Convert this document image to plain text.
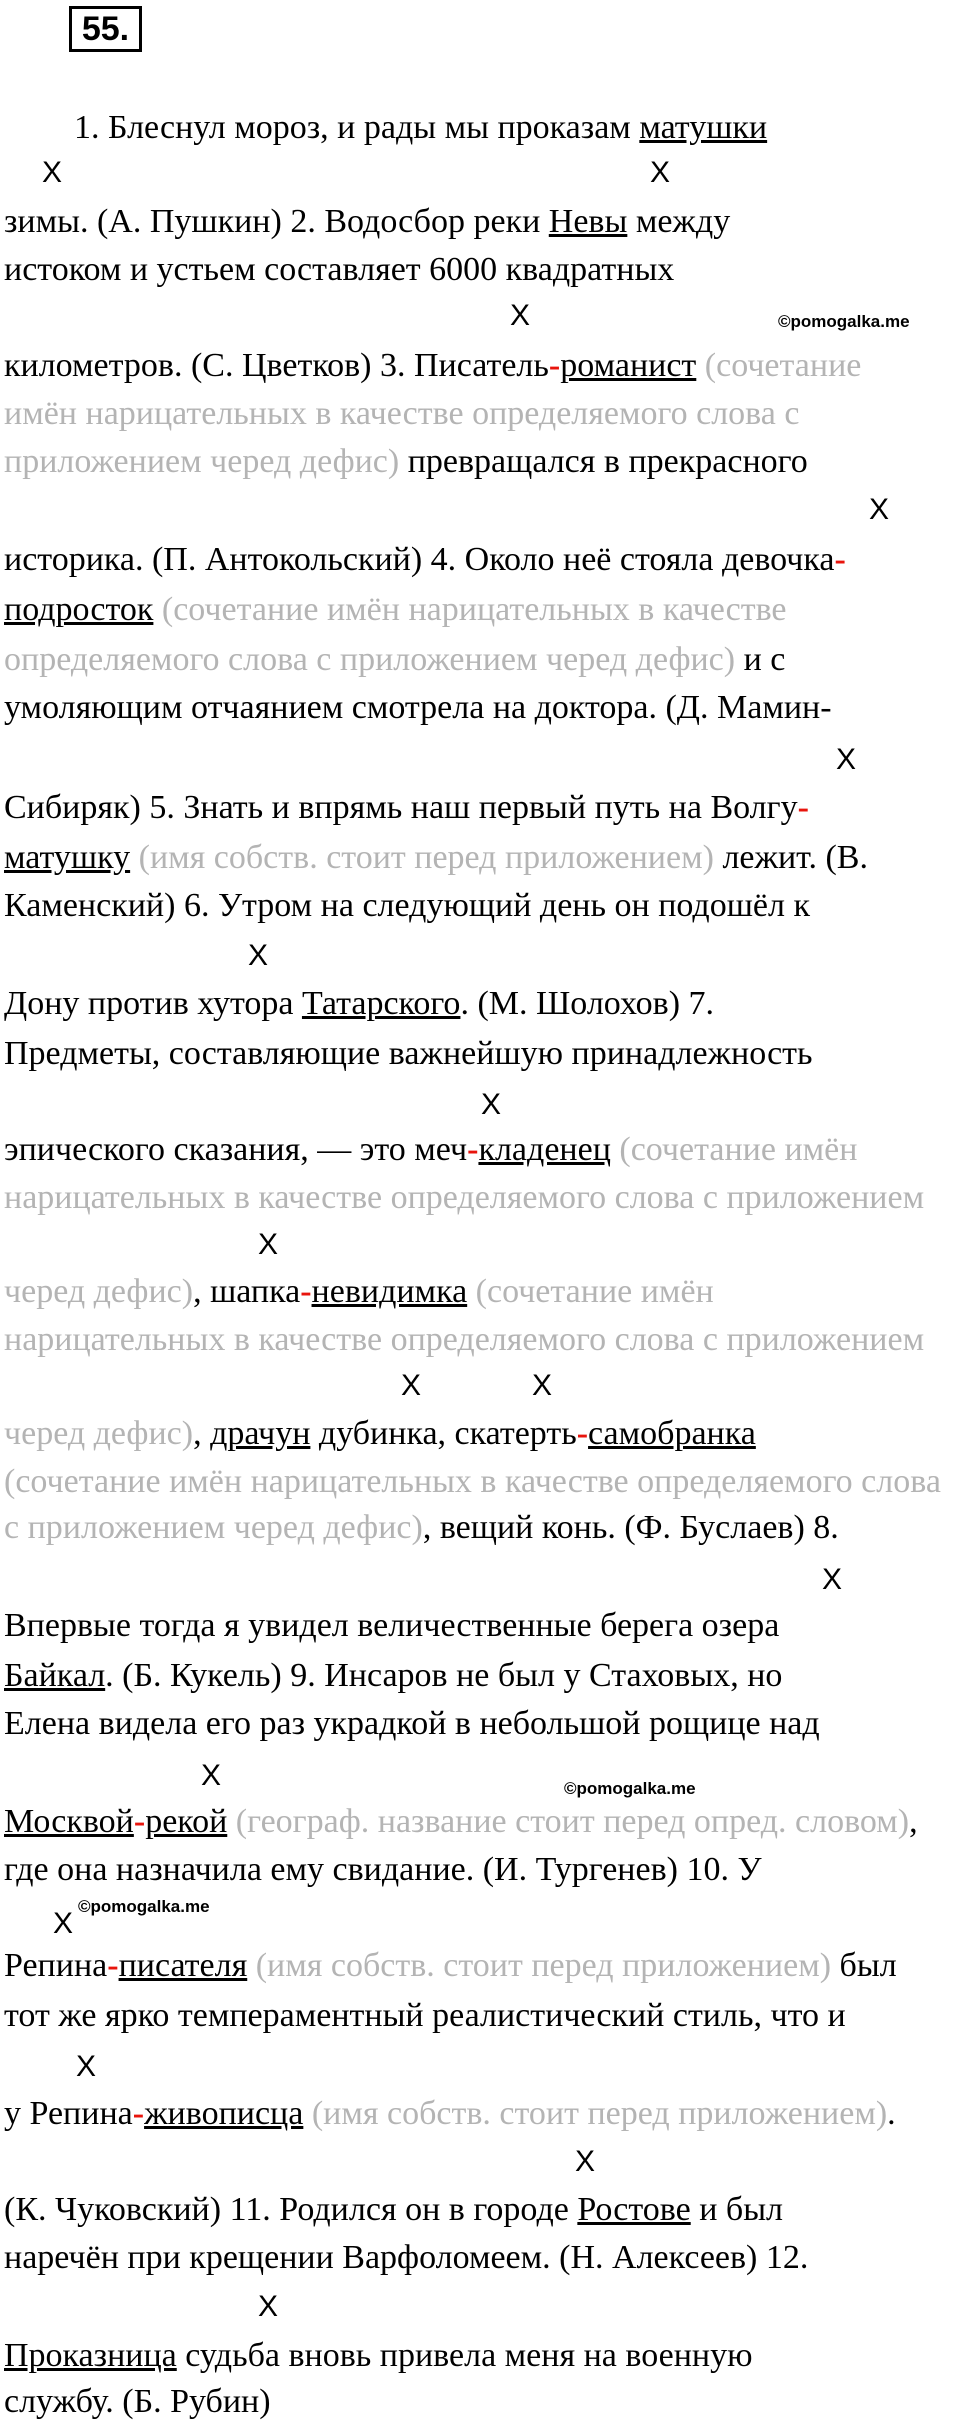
55.
X	X
X
X
X
X
X
X
X	X
X
X
X
X
X
X
©pomogalka.me
©pomogalka.me
©pomogalka.me
1. Блеснул мороз, и рады мы проказам матушки
зимы. (А. Пушкин) 2. Водосбор реки Невы между
истоком и устьем составляет 6000 квадратных
километров. (С. Цветков) 3. Писатель-романист (сочетание
имён нарицательных в качестве определяемого слова с
приложением черед дефис) превращался в прекрасного
историка. (П. Антокольский) 4. Около неё стояла девочка-
подросток (сочетание имён нарицательных в качестве
определяемого слова с приложением черед дефис) и с
умоляющим отчаянием смотрела на доктора. (Д. Мамин-
Сибиряк) 5. Знать и впрямь наш первый путь на Волгу-
матушку (имя собств. стоит перед приложением) лежит. (В.
Каменский) 6. Утром на следующий день он подошёл к
Дону против хутора Татарского. (М. Шолохов) 7.
Предметы, составляющие важнейшую принадлежность
эпического сказания, — это меч-кладенец (сочетание имён
нарицательных в качестве определяемого слова с приложением
черед дефис), шапка-невидимка (сочетание имён
нарицательных в качестве определяемого слова с приложением
черед дефис), драчун дубинка, скатерть-самобранка
(сочетание имён нарицательных в качестве определяемого слова
с приложением черед дефис), вещий конь. (Ф. Буслаев) 8.
Впервые тогда я увидел величественные берега озера
Байкал. (Б. Кукель) 9. Инсаров не был у Стаховых, но
Елена видела его раз украдкой в небольшой рощице над
Москвой-рекой (географ. название стоит перед опред. словом),
где она назначила ему свидание. (И. Тургенев) 10. У
Репина-писателя (имя собств. стоит перед приложением) был
тот же ярко темпераментный реалистический стиль, что и
у Репина-живописца (имя собств. стоит перед приложением).
(К. Чуковский) 11. Родился он в городе Ростове и был
наречён при крещении Варфоломеем. (Н. Алексеев) 12.
Проказница судьба вновь привела меня на военную
службу. (Б. Рубин)
